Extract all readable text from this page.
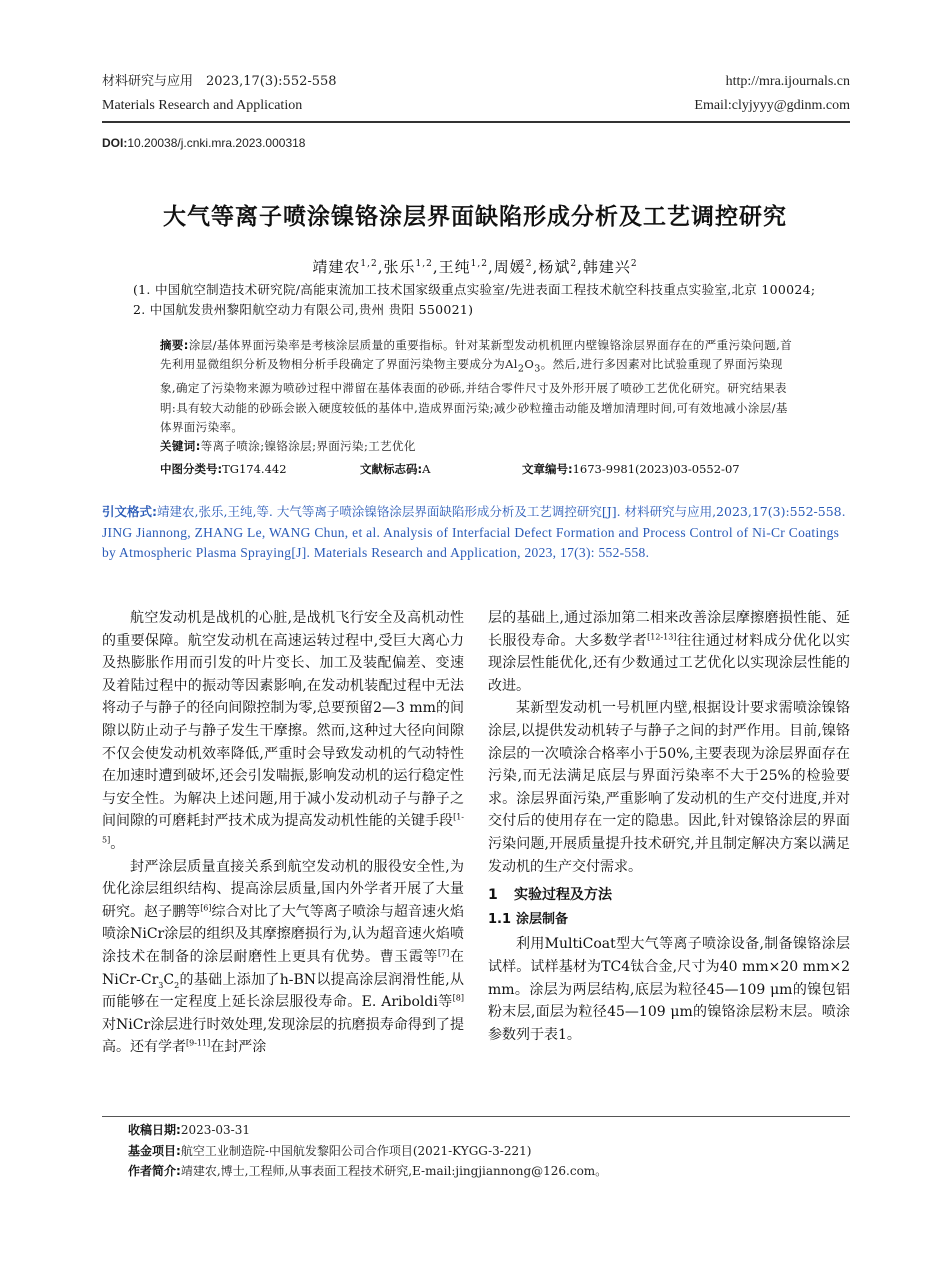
材料研究与应用　2023,17(3):552-558
Materials Research and Application
http://mra.ijournals.cn
Email:clyjyyy@gdinm.com
DOI:10.20038/j.cnki.mra.2023.000318
大气等离子喷涂镍铬涂层界面缺陷形成分析及工艺调控研究
靖建农$^{1,2}$,张乐$^{1,2}$,王纯$^{1,2}$,周媛$^2$,杨斌$^2$,韩建兴$^2$
(1. 中国航空制造技术研究院/高能束流加工技术国家级重点实验室/先进表面工程技术航空科技重点实验室,北京 100024; 2. 中国航发贵州黎阳航空动力有限公司,贵州 贵阳 550021)
摘要:涂层/基体界面污染率是考核涂层质量的重要指标。针对某新型发动机机匣内壁镍铬涂层界面存在的严重污染问题,首先利用显微组织分析及物相分析手段确定了界面污染物主要成分为$Al_2O_3$。然后,进行多因素对比试验重现了界面污染现象,确定了污染物来源为喷砂过程中滞留在基体表面的砂砾,并结合零件尺寸及外形开展了喷砂工艺优化研究。研究结果表明:具有较大动能的砂砾会嵌入硬度较低的基体中,造成界面污染;减少砂粒撞击动能及增加清理时间,可有效地减小涂层/基体界面污染率。
关键词:等离子喷涂;镍铬涂层;界面污染;工艺优化
中图分类号:TG174.442	文献标志码:A	文章编号:1673-9981(2023)03-0552-07
引文格式:靖建农,张乐,王纯,等. 大气等离子喷涂镍铬涂层界面缺陷形成分析及工艺调控研究[J]. 材料研究与应用,2023,17(3):552-558.
JING Jiannong, ZHANG Le, WANG Chun, et al. Analysis of Interfacial Defect Formation and Process Control of Ni-Cr Coatings by Atmospheric Plasma Spraying[J]. Materials Research and Application, 2023, 17(3): 552-558.

航空发动机是战机的心脏,是战机飞行安全及高机动性的重要保障。航空发动机在高速运转过程中,受巨大离心力及热膨胀作用而引发的叶片变长、加工及装配偏差、变速及着陆过程中的振动等因素影响,在发动机装配过程中无法将动子与静子的径向间隙控制为零,总要预留2—3 mm的间隙以防止动子与静子发生干摩擦。然而,这种过大径向间隙不仅会使发动机效率降低,严重时会导致发动机的气动特性在加速时遭到破坏,还会引发喘振,影响发动机的运行稳定性与安全性。为解决上述问题,用于减小发动机动子与静子之间间隙的可磨耗封严技术成为提高发动机性能的关键手段[1-5]。

封严涂层质量直接关系到航空发动机的服役安全性,为优化涂层组织结构、提高涂层质量,国内外学者开展了大量研究。赵子鹏等[6]综合对比了大气等离子喷涂与超音速火焰喷涂NiCr涂层的组织及其摩擦磨损行为,认为超音速火焰喷涂技术在制备的涂层耐磨性上更具有优势。曹玉霞等[7]在NiCr-$Cr_3C_2$的基础上添加了h-BN以提高涂层润滑性能,从而能够在一定程度上延长涂层服役寿命。E. Ariboldi等[8]对NiCr涂层进行时效处理,发现涂层的抗磨损寿命得到了提高。还有学者[9-11]在封严涂

层的基础上,通过添加第二相来改善涂层摩擦磨损性能、延长服役寿命。大多数学者[12-13]往往通过材料成分优化以实现涂层性能优化,还有少数通过工艺优化以实现涂层性能的改进。

某新型发动机一号机匣内壁,根据设计要求需喷涂镍铬涂层,以提供发动机转子与静子之间的封严作用。目前,镍铬涂层的一次喷涂合格率小于50%,主要表现为涂层界面存在污染,而无法满足底层与界面污染率不大于25%的检验要求。涂层界面污染,严重影响了发动机的生产交付进度,并对交付后的使用存在一定的隐患。因此,针对镍铬涂层的界面污染问题,开展质量提升技术研究,并且制定解决方案以满足发动机的生产交付需求。

1 实验过程及方法
1.1 涂层制备

利用MultiCoat型大气等离子喷涂设备,制备镍铬涂层试样。试样基材为TC4钛合金,尺寸为40 mm×20 mm×2 mm。涂层为两层结构,底层为粒径45—109 μm的镍包铝粉末层,面层为粒径45—109 μm的镍铬涂层粉末层。喷涂参数列于表1。

收稿日期:2023-03-31
基金项目:航空工业制造院-中国航发黎阳公司合作项目(2021-KYGG-3-221)
作者简介:靖建农,博士,工程师,从事表面工程技术研究,E-mail:jingjiannong@126.com。
